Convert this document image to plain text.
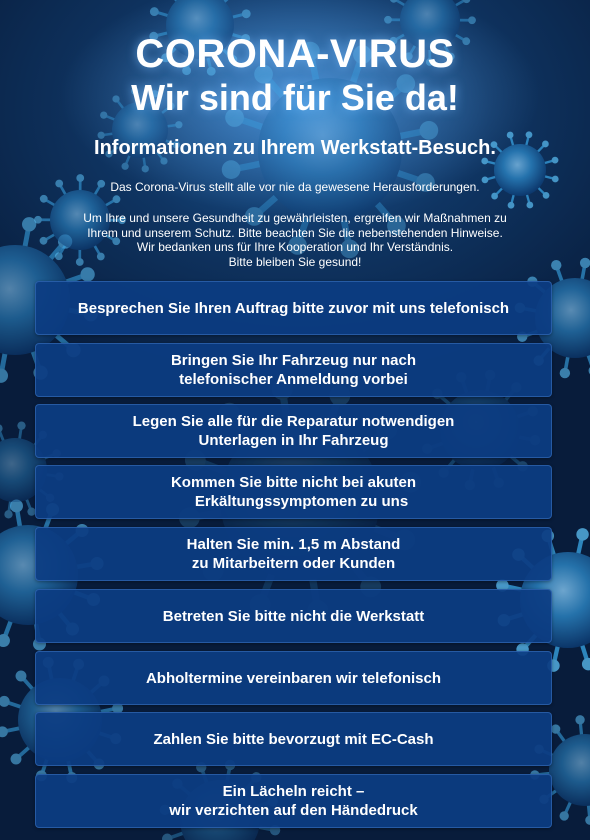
CORONA-VIRUS
Wir sind für Sie da!
Informationen zu Ihrem Werkstatt-Besuch.
Das Corona-Virus stellt alle vor nie da gewesene Herausforderungen.
Um Ihre und unsere Gesundheit zu gewährleisten, ergreifen wir Maßnahmen zu
Ihrem und unserem Schutz. Bitte beachten Sie die nebenstehenden Hinweise.
Wir bedanken uns für Ihre Kooperation und Ihr Verständnis.
Bitte bleiben Sie gesund!
Besprechen Sie Ihren Auftrag bitte zuvor mit uns telefonisch
Bringen Sie Ihr Fahrzeug nur nach
telefonischer Anmeldung vorbei
Legen Sie alle für die Reparatur notwendigen
Unterlagen in Ihr Fahrzeug
Kommen Sie bitte nicht bei akuten
Erkältungssymptomen zu uns
Halten Sie min. 1,5 m Abstand
zu Mitarbeitern oder Kunden
Betreten Sie bitte nicht die Werkstatt
Abholtermine vereinbaren wir telefonisch
Zahlen Sie bitte bevorzugt mit EC-Cash
Ein Lächeln reicht –
wir verzichten auf den Händedruck
